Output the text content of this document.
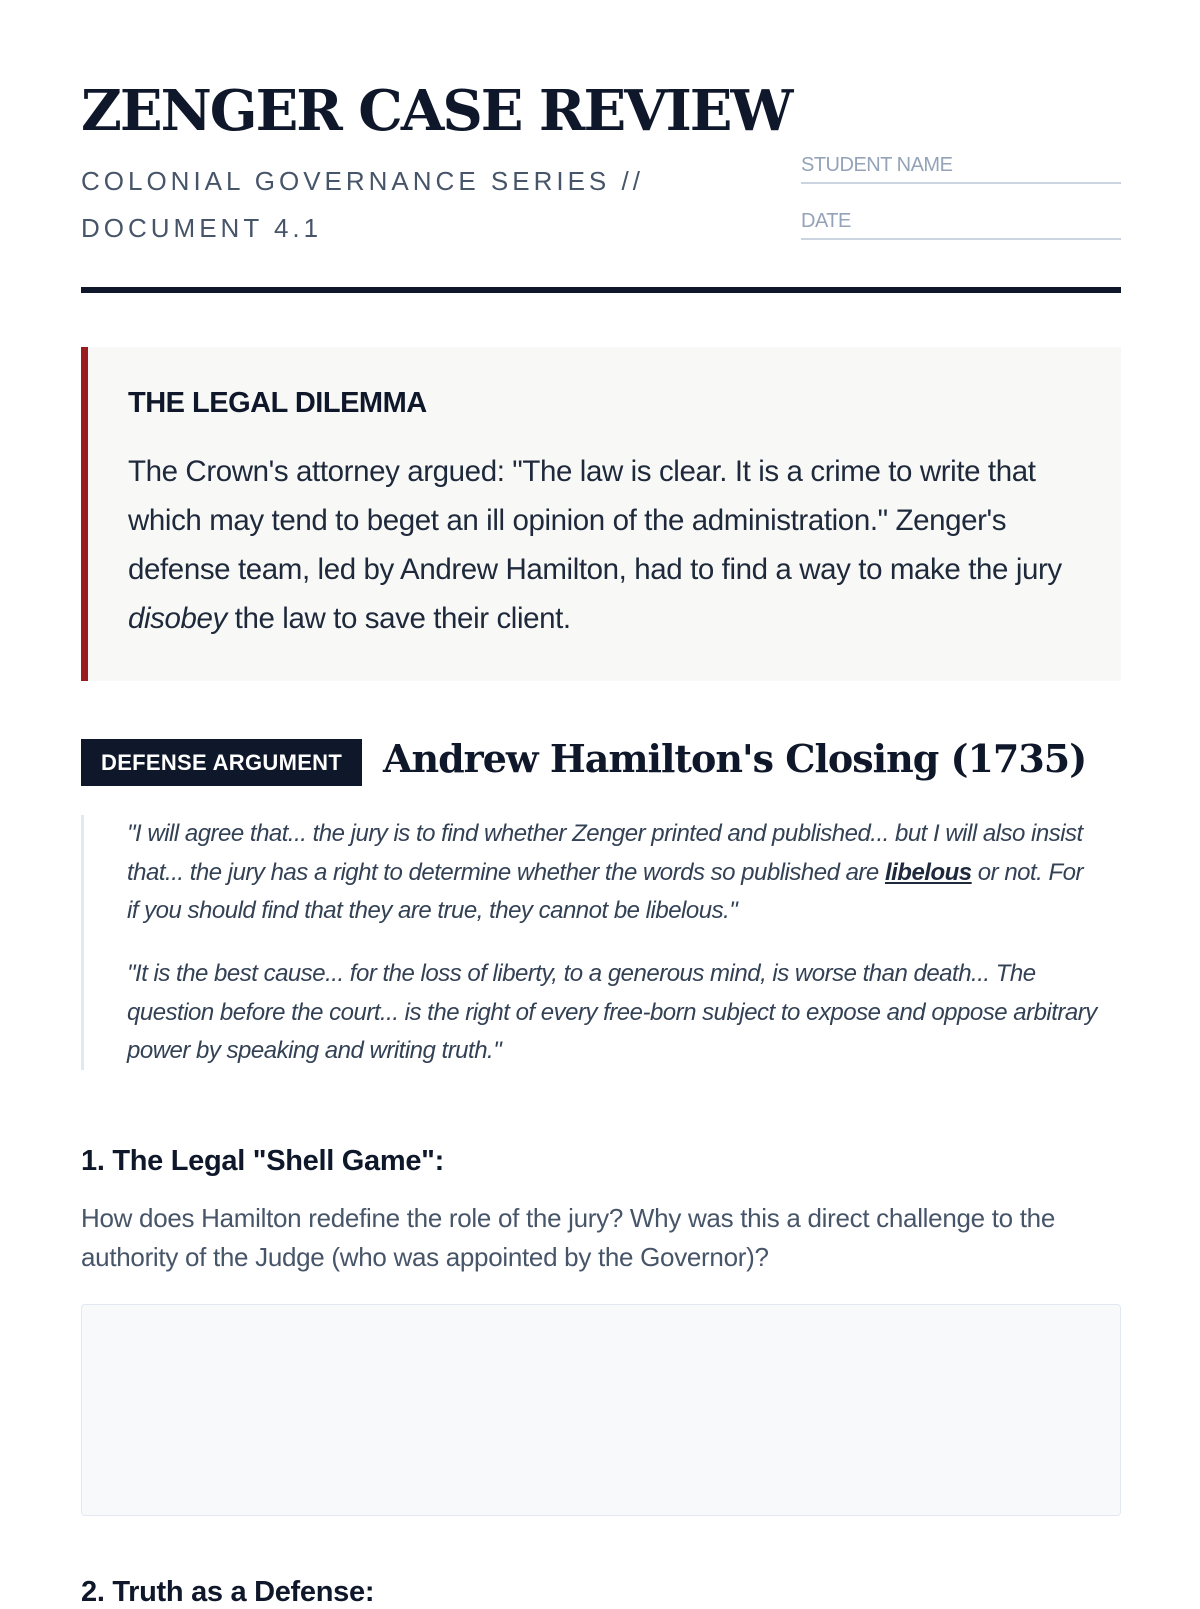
ZENGER CASE REVIEW
COLONIAL GOVERNANCE SERIES //
DOCUMENT 4.1
STUDENT NAME
DATE
THE LEGAL DILEMMA
The Crown's attorney argued: "The law is clear. It is a crime to write that which may tend to beget an ill opinion of the administration." Zenger's defense team, led by Andrew Hamilton, had to find a way to make the jury disobey the law to save their client.
DEFENSE ARGUMENT	Andrew Hamilton's Closing (1735)

"I will agree that... the jury is to find whether Zenger printed and published... but I will also insist that... the jury has a right to determine whether the words so published are libelous or not. For if you should find that they are true, they cannot be libelous."

"It is the best cause... for the loss of liberty, to a generous mind, is worse than death... The question before the court... is the right of every free-born subject to expose and oppose arbitrary power by speaking and writing truth."

1. The Legal "Shell Game":
How does Hamilton redefine the role of the jury? Why was this a direct challenge to the authority of the Judge (who was appointed by the Governor)?
2. Truth as a Defense:
